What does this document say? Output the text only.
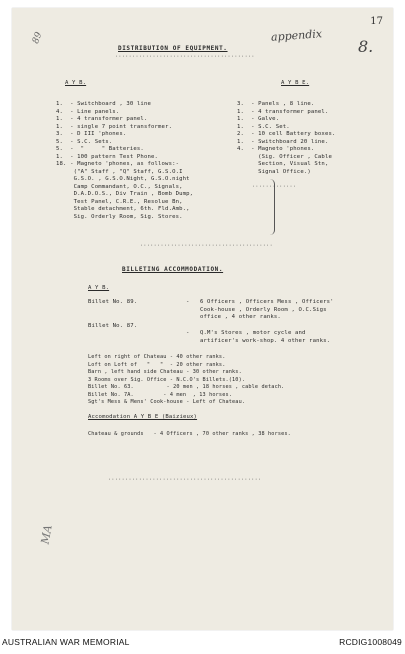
89
17
appendix
8.
DISTRIBUTION OF EQUIPMENT.
·········································
A Y B.	A Y B E.
1.  - Switchboard , 30 line
4.  - Line panels.
1.  - 4 transformer panel.
1.  - single 7 point transformer.
3.  - D III 'phones.
5.  - S.C. Sets.
5.  -  "     " Batteries.
1.  - 100 pattern Test Phone.
18. - Magneto 'phones, as follows:-
("A" Staff , "Q" Staff, G.S.O.I
G.S.O. , G.S.O.Night, G.S.O.night
Camp Commandant, O.C., Signals,
D.A.D.O.S., Div Train , Bomb Dump,
Test Panel, C.R.E., Resolue Bn,
Stable detachment, 6th. Fld.Amb.,
Sig. Orderly Room, Sig. Stores.
3.  - Panels , 8 line.
1.  - 4 transformer panel.
1.  - Galve.
1.  - S.C. Set.
2.  - 10 cell Battery boxes.
1.  - Switchboard 20 line.
4.  - Magneto 'phones.
(Sig. Officer , Cable
Section, Visual Stn,
Signal Office.)
·············
·······································
BILLETING ACCOMMODATION.
A Y B.
Billet No. 89.	- 6 Officers , Officers Mess , Officers'
Cook-house , Orderly Room , O.C.Sigs
office , 4 other ranks.
Billet No. 87.
- Q.M's Stores , motor cycle and
artificer's work-shop. 4 other ranks.
Left on right of Chateau - 40 other ranks.
Loft on Loft of   "   "  - 20 other ranks.
Barn , left hand side Chateau - 30 other ranks.
3 Rooms over Sig. Office - N.C.O's Billets.(10).
Billet No. 63.          - 20 men , 18 horses , cable detach.
Billet No. 7A.         - 4 men  , 13 horses.
Sgt's Mess & Mens' Cook-house - Left of Chateau.
Accomodation A Y B E (Baizieux)
Chateau & grounds   - 4 Officers , 70 other ranks , 38 horses.
·············································
MA
AUSTRALIAN WAR MEMORIAL	RCDIG1008049
